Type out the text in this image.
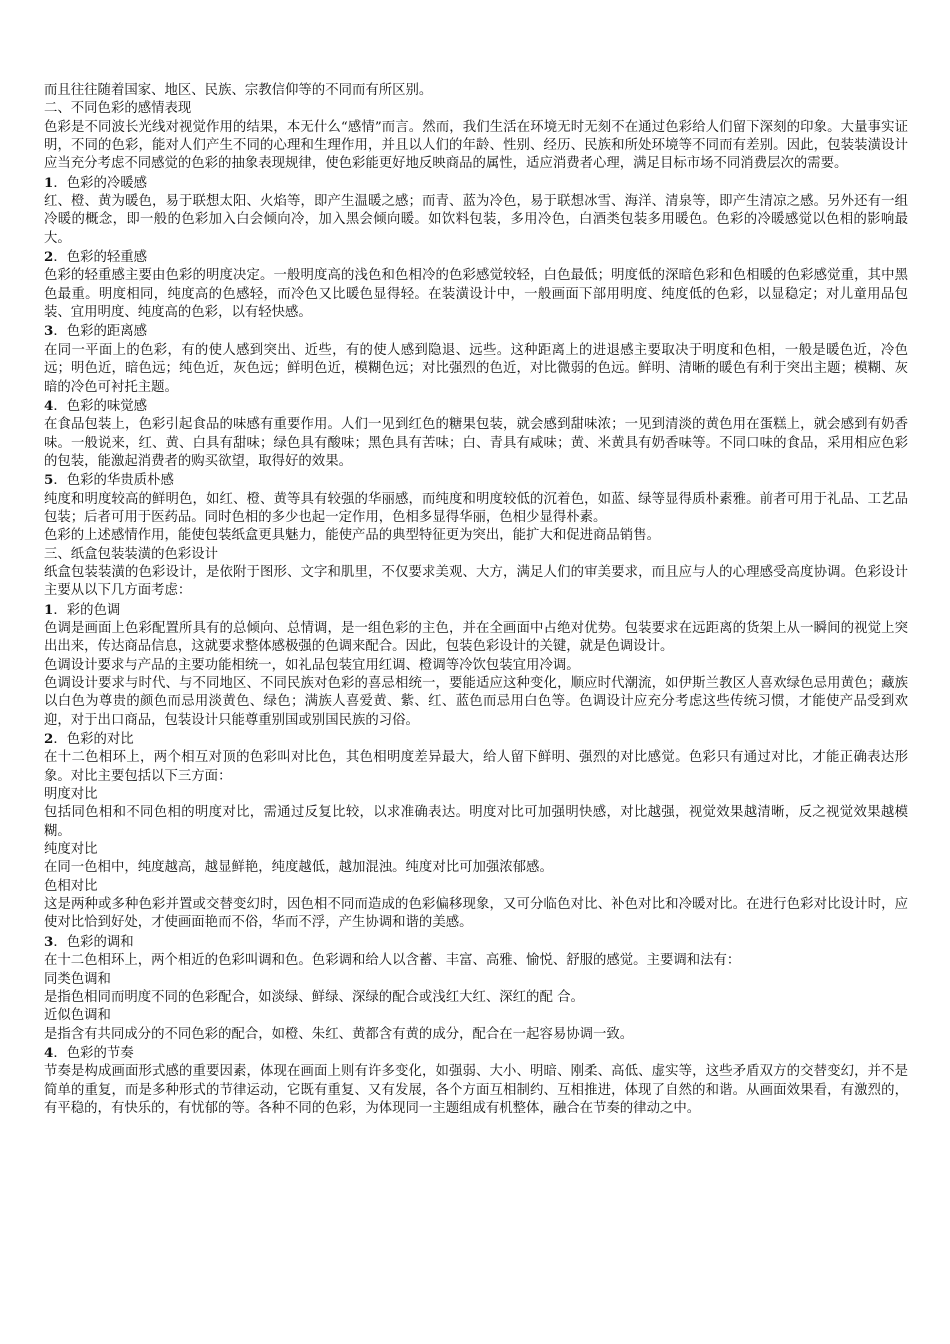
而且往往随着国家、地区、民族、宗教信仰等的不同而有所区别。

二、不同色彩的感情表现

色彩是不同波长光线对视觉作用的结果，本无什么“感情”而言。然而，我们生活在环境无时无刻不在通过色彩给人们留下深刻的印象。大量事实证明，不同的色彩，能对人们产生不同的心理和生理作用，并且以人们的年龄、性别、经历、民族和所处环境等不同而有差别。因此，包装装潢设计应当充分考虑不同感觉的色彩的抽象表现规律，使色彩能更好地反映商品的属性，适应消费者心理，满足目标市场不同消费层次的需要。

1．色彩的冷暖感

红、橙、黄为暖色，易于联想太阳、火焰等，即产生温暖之感；而青、蓝为冷色，易于联想冰雪、海洋、清泉等，即产生清凉之感。另外还有一组冷暖的概念，即一般的色彩加入白会倾向冷，加入黑会倾向暖。如饮料包装，多用冷色，白酒类包装多用暖色。色彩的冷暖感觉以色相的影响最大。

2．色彩的轻重感

色彩的轻重感主要由色彩的明度决定。一般明度高的浅色和色相冷的色彩感觉较轻，白色最低；明度低的深暗色彩和色相暖的色彩感觉重，其中黑色最重。明度相同，纯度高的色感轻，而冷色又比暖色显得轻。在装潢设计中，一般画面下部用明度、纯度低的色彩，以显稳定；对儿童用品包装、宜用明度、纯度高的色彩，以有轻快感。

3．色彩的距离感

在同一平面上的色彩，有的使人感到突出、近些，有的使人感到隐退、远些。这种距离上的进退感主要取决于明度和色相，一般是暖色近，冷色远；明色近，暗色远；纯色近，灰色远；鲜明色近，模糊色远；对比强烈的色近，对比微弱的色远。鲜明、清晰的暖色有利于突出主题；模糊、灰暗的冷色可衬托主题。

4．色彩的味觉感

在食品包装上，色彩引起食品的味感有重要作用。人们一见到红色的糖果包装，就会感到甜味浓；一见到清淡的黄色用在蛋糕上，就会感到有奶香味。一般说来，红、黄、白具有甜味；绿色具有酸味；黑色具有苦味；白、青具有咸味；黄、米黄具有奶香味等。不同口味的食品，采用相应色彩的包装，能激起消费者的购买欲望，取得好的效果。

5．色彩的华贵质朴感

纯度和明度较高的鲜明色，如红、橙、黄等具有较强的华丽感，而纯度和明度较低的沉着色，如蓝、绿等显得质朴素雅。前者可用于礼品、工艺品包装；后者可用于医药品。同时色相的多少也起一定作用，色相多显得华丽，色相少显得朴素。

色彩的上述感情作用，能使包装纸盒更具魅力，能使产品的典型特征更为突出，能扩大和促进商品销售。

三、纸盒包装装潢的色彩设计

纸盒包装装潢的色彩设计，是依附于图形、文字和肌里，不仅要求美观、大方，满足人们的审美要求，而且应与人的心理感受高度协调。色彩设计主要从以下几方面考虑：

1．彩的色调

色调是画面上色彩配置所具有的总倾向、总情调，是一组色彩的主色，并在全画面中占绝对优势。包装要求在远距离的货架上从一瞬间的视觉上突出出来，传达商品信息，这就要求整体感极强的色调来配合。因此，包装色彩设计的关键，就是色调设计。

色调设计要求与产品的主要功能相统一，如礼品包装宜用红调、橙调等冷饮包装宜用冷调。

色调设计要求与时代、与不同地区、不同民族对色彩的喜忌相统一，要能适应这种变化，顺应时代潮流，如伊斯兰教区人喜欢绿色忌用黄色；藏族以白色为尊贵的颜色而忌用淡黄色、绿色；满族人喜爱黄、紫、红、蓝色而忌用白色等。色调设计应充分考虑这些传统习惯，才能使产品受到欢迎，对于出口商品，包装设计只能尊重别国或别国民族的习俗。

2．色彩的对比

在十二色相环上，两个相互对顶的色彩叫对比色，其色相明度差异最大，给人留下鲜明、强烈的对比感觉。色彩只有通过对比，才能正确表达形象。对比主要包括以下三方面：

明度对比

包括同色相和不同色相的明度对比，需通过反复比较，以求准确表达。明度对比可加强明快感，对比越强，视觉效果越清晰，反之视觉效果越模糊。

纯度对比

在同一色相中，纯度越高，越显鲜艳，纯度越低，越加混浊。纯度对比可加强浓郁感。

色相对比

这是两种或多种色彩并置或交替变幻时，因色相不同而造成的色彩偏移现象，又可分临色对比、补色对比和冷暖对比。在进行色彩对比设计时，应使对比恰到好处，才使画面艳而不俗，华而不浮，产生协调和谐的美感。

3．色彩的调和

在十二色相环上，两个相近的色彩叫调和色。色彩调和给人以含蓄、丰富、高雅、愉悦、舒服的感觉。主要调和法有：

同类色调和

是指色相同而明度不同的色彩配合，如淡绿、鲜绿、深绿的配合或浅红大红、深红的配 合。

近似色调和

是指含有共同成分的不同色彩的配合，如橙、朱红、黄都含有黄的成分，配合在一起容易协调一致。

4．色彩的节奏

节奏是构成画面形式感的重要因素，体现在画面上则有许多变化，如强弱、大小、明暗、刚柔、高低、虚实等，这些矛盾双方的交替变幻，并不是简单的重复，而是多种形式的节律运动，它既有重复、又有发展，各个方面互相制约、互相推进，体现了自然的和谐。从画面效果看，有激烈的，有平稳的，有快乐的，有忧郁的等。各种不同的色彩，为体现同一主题组成有机整体，融合在节奏的律动之中。
